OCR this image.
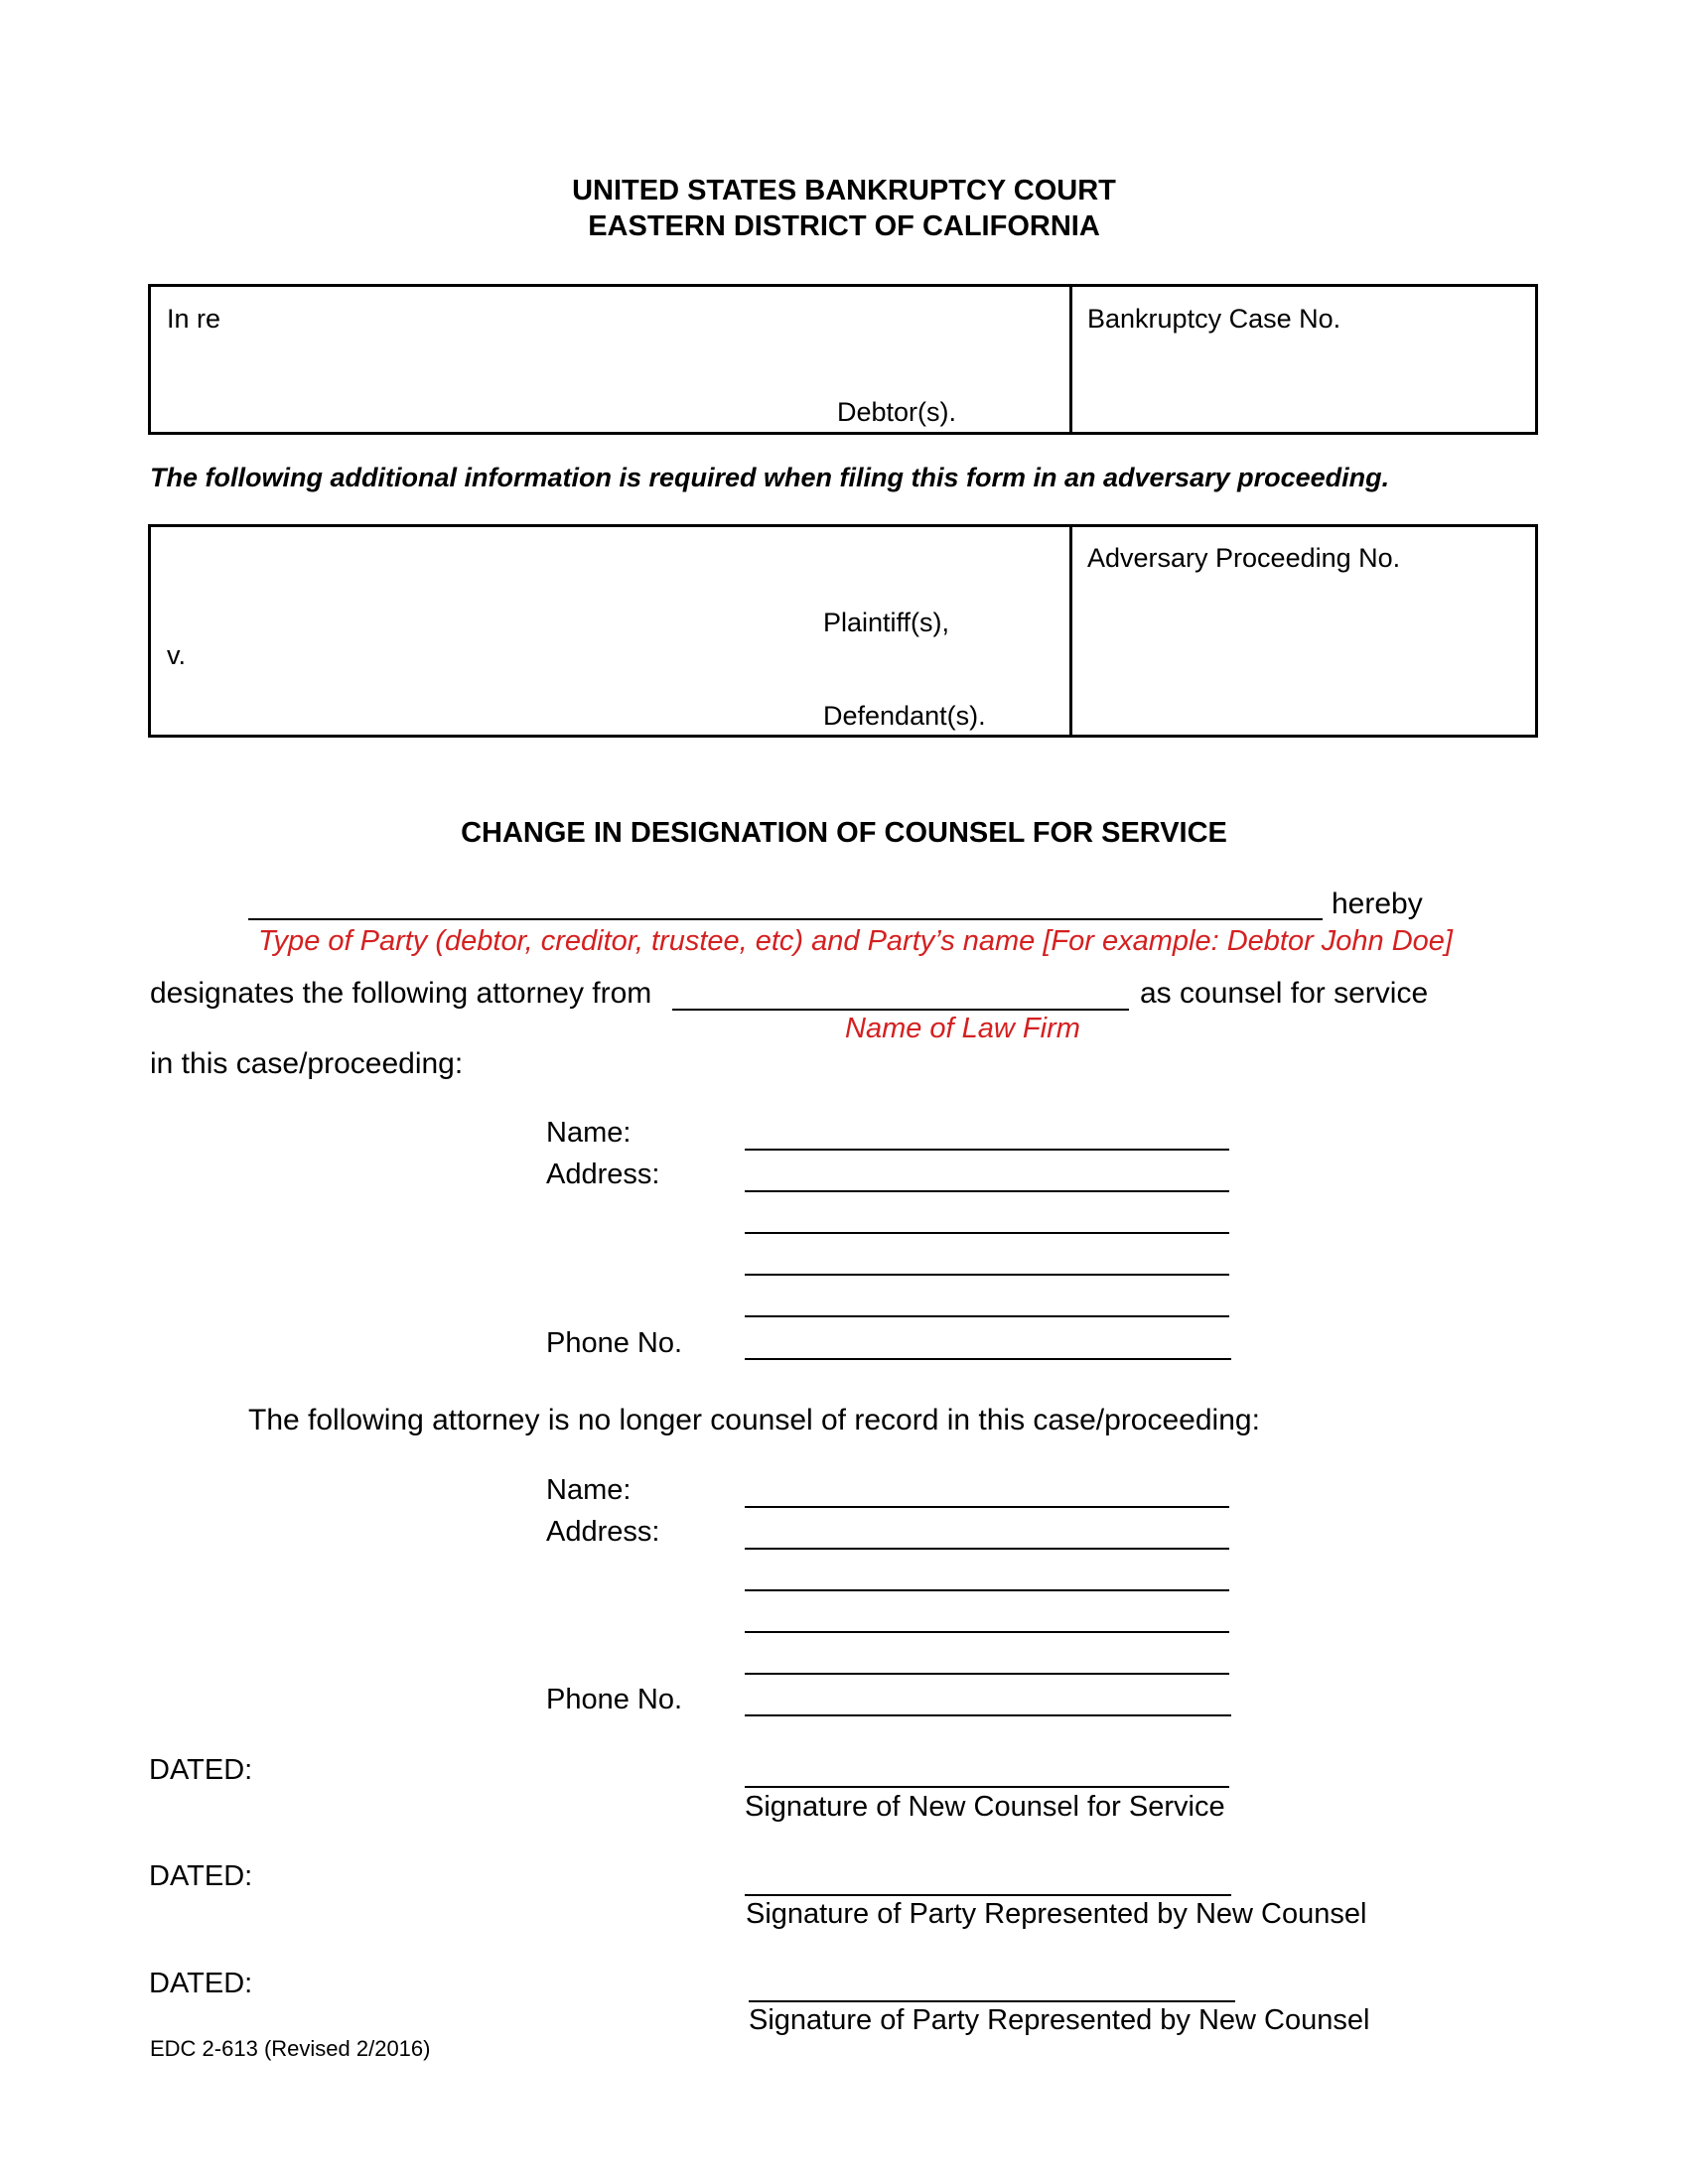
UNITED STATES BANKRUPTCY COURT
EASTERN DISTRICT OF CALIFORNIA
In re
Debtor(s).
Bankruptcy Case No.
The following additional information is required when filing this form in an adversary proceeding.
Adversary Proceeding No.
Plaintiff(s),
v.
Defendant(s).
CHANGE IN DESIGNATION OF COUNSEL FOR SERVICE
hereby
Type of Party (debtor, creditor, trustee, etc) and Party’s name [For example: Debtor John Doe]
designates the following attorney from	as counsel for service
Name of Law Firm
in this case/proceeding:
Name:
Address:
Phone No.
The following attorney is no longer counsel of record in this case/proceeding:
Name:
Address:
Phone No.
DATED:
Signature of New Counsel for Service
DATED:
Signature of Party Represented by New Counsel
DATED:
Signature of Party Represented by New Counsel
EDC 2-613 (Revised 2/2016)
